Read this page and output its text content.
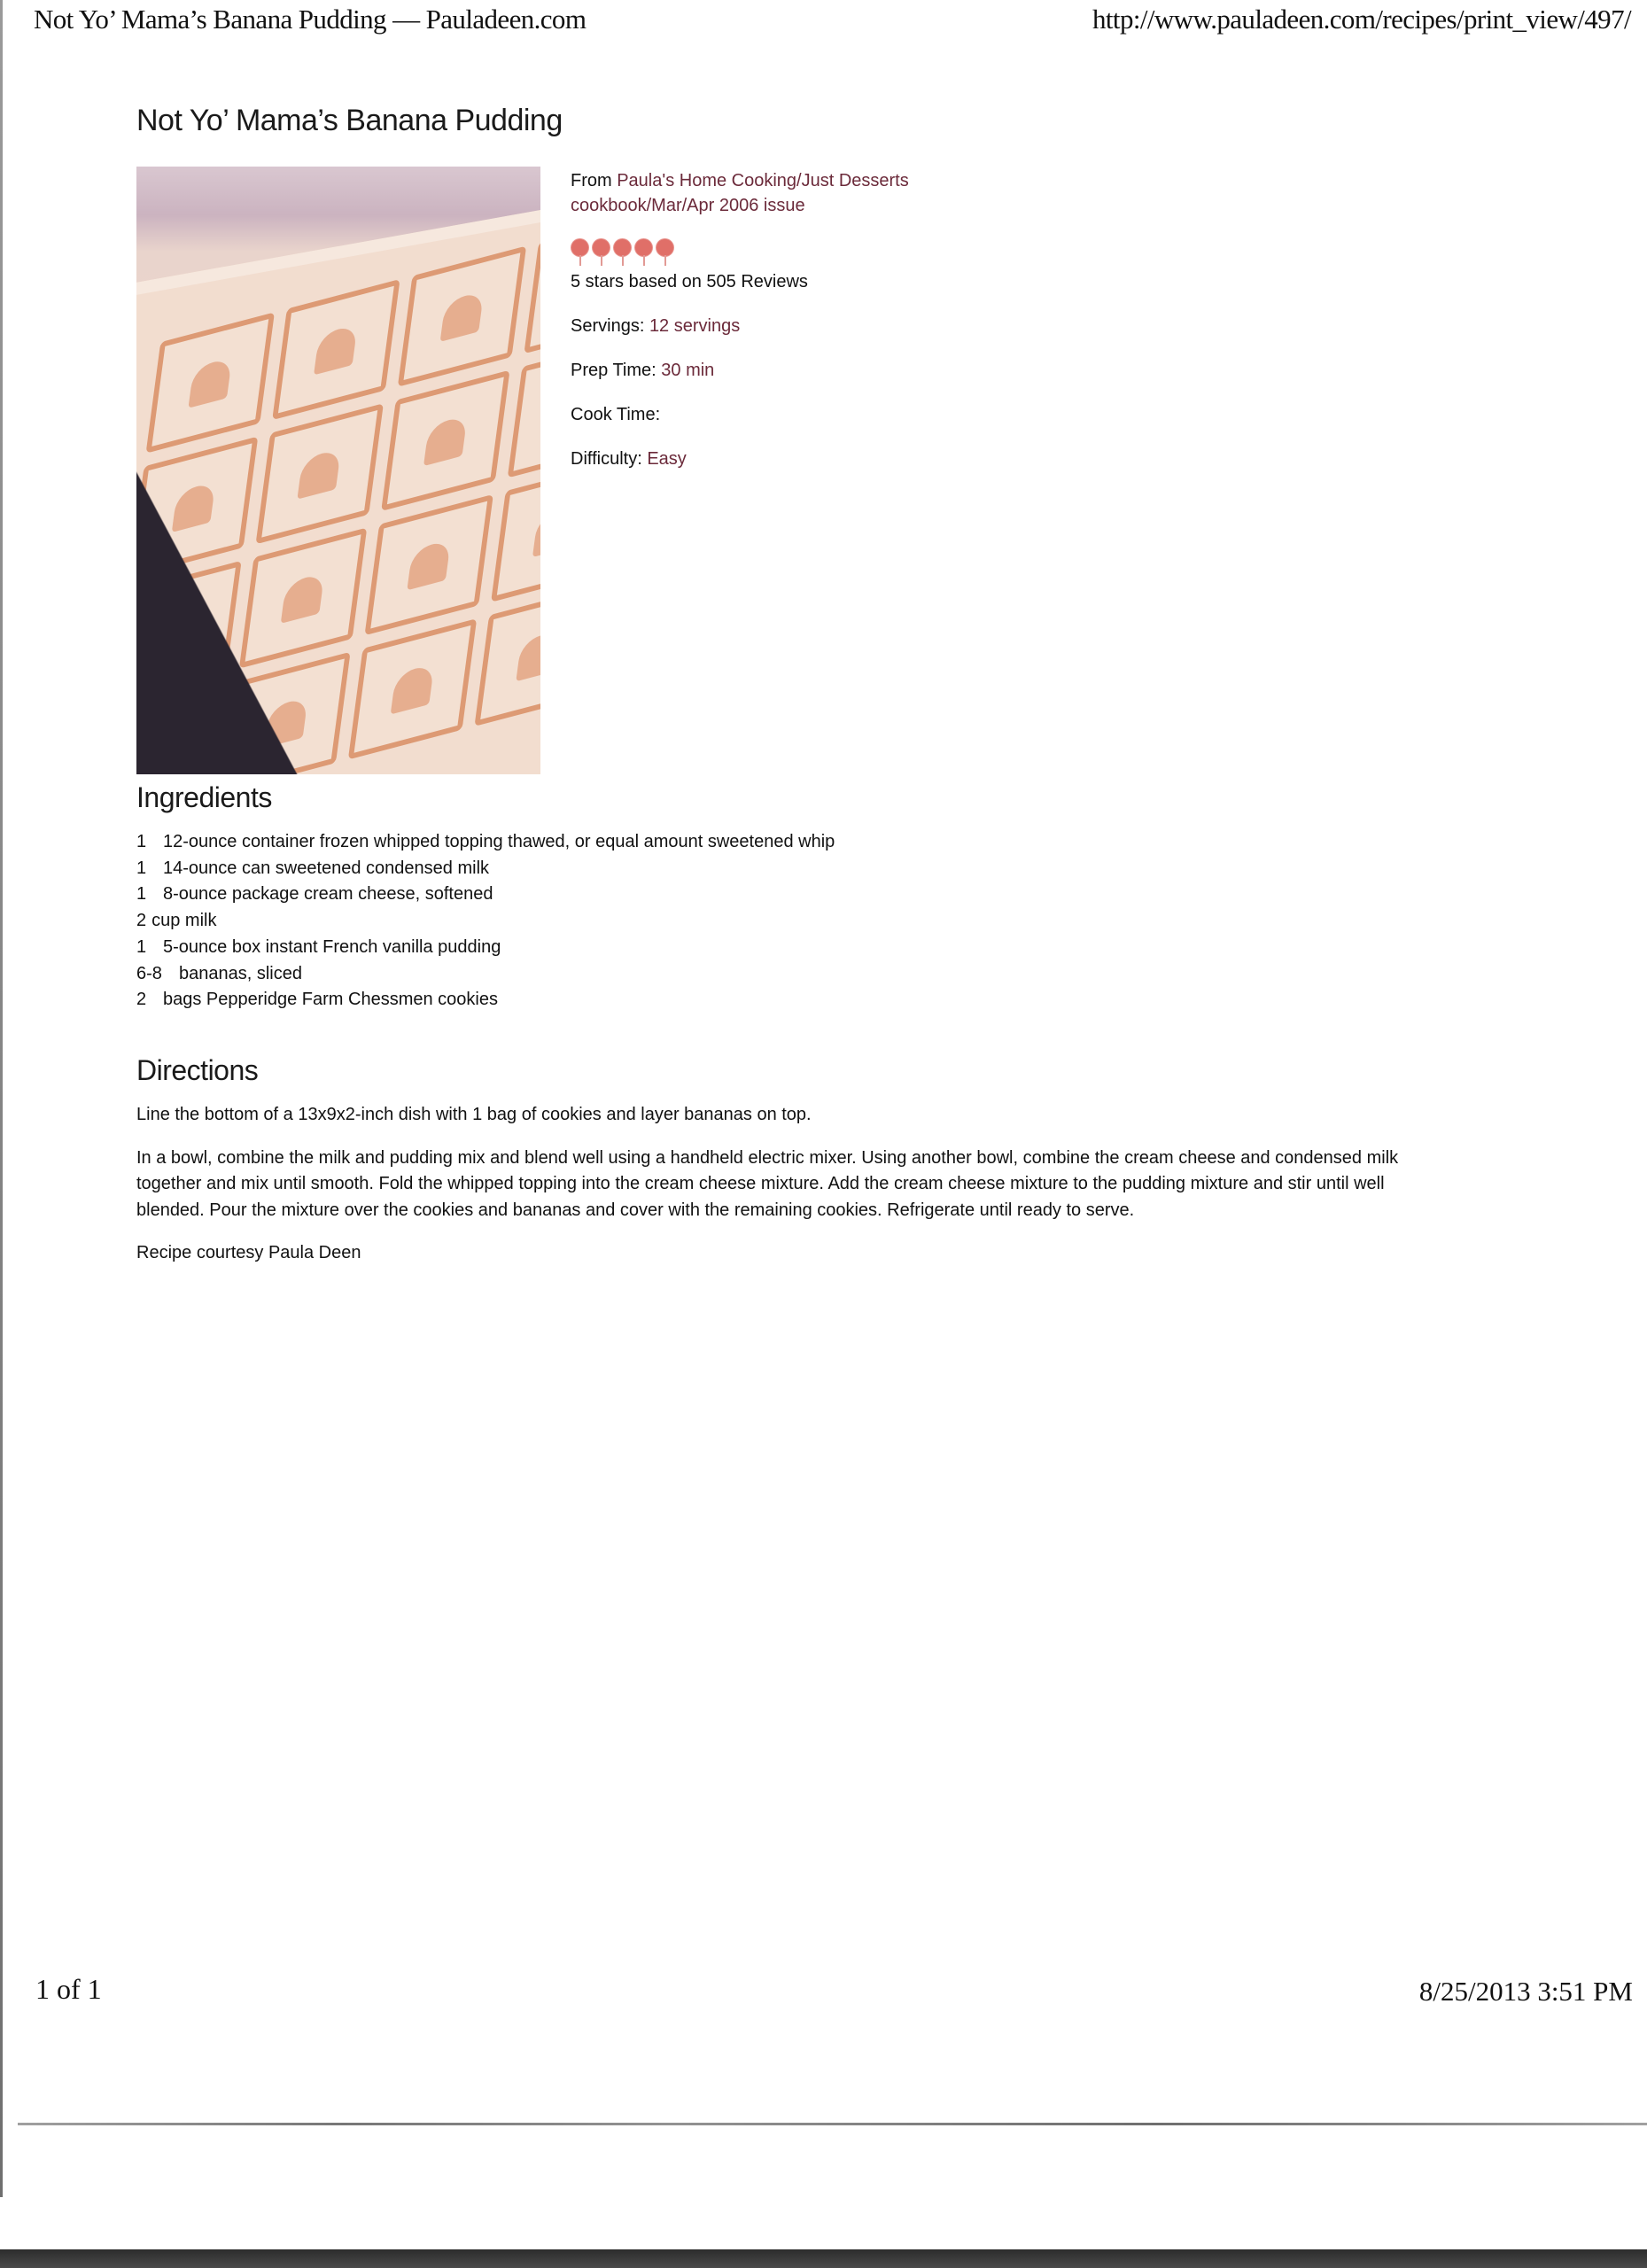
Not Yo’ Mama’s Banana Pudding — Pauladeen.com	http://www.pauladeen.com/recipes/print_view/497/
Not Yo’ Mama’s Banana Pudding

From Paula's Home Cooking/Just Desserts
cookbook/Mar/Apr 2006 issue

5 stars based on 505 Reviews
Servings: 12 servings
Prep Time: 30 min
Cook Time:
Difficulty: Easy
Ingredients
1 12-ounce container frozen whipped topping thawed, or equal amount sweetened whip
1 14-ounce can sweetened condensed milk
1 8-ounce package cream cheese, softened
2 cup milk
1 5-ounce box instant French vanilla pudding
6-8 bananas, sliced
2 bags Pepperidge Farm Chessmen cookies
Directions

Line the bottom of a 13x9x2-inch dish with 1 bag of cookies and layer bananas on top.

In a bowl, combine the milk and pudding mix and blend well using a handheld electric mixer. Using another bowl, combine the cream cheese and condensed milk together and mix until smooth. Fold the whipped topping into the cream cheese mixture. Add the cream cheese mixture to the pudding mixture and stir until well blended. Pour the mixture over the cookies and bananas and cover with the remaining cookies. Refrigerate until ready to serve.

Recipe courtesy Paula Deen

1 of 1	8/25/2013 3:51 PM
